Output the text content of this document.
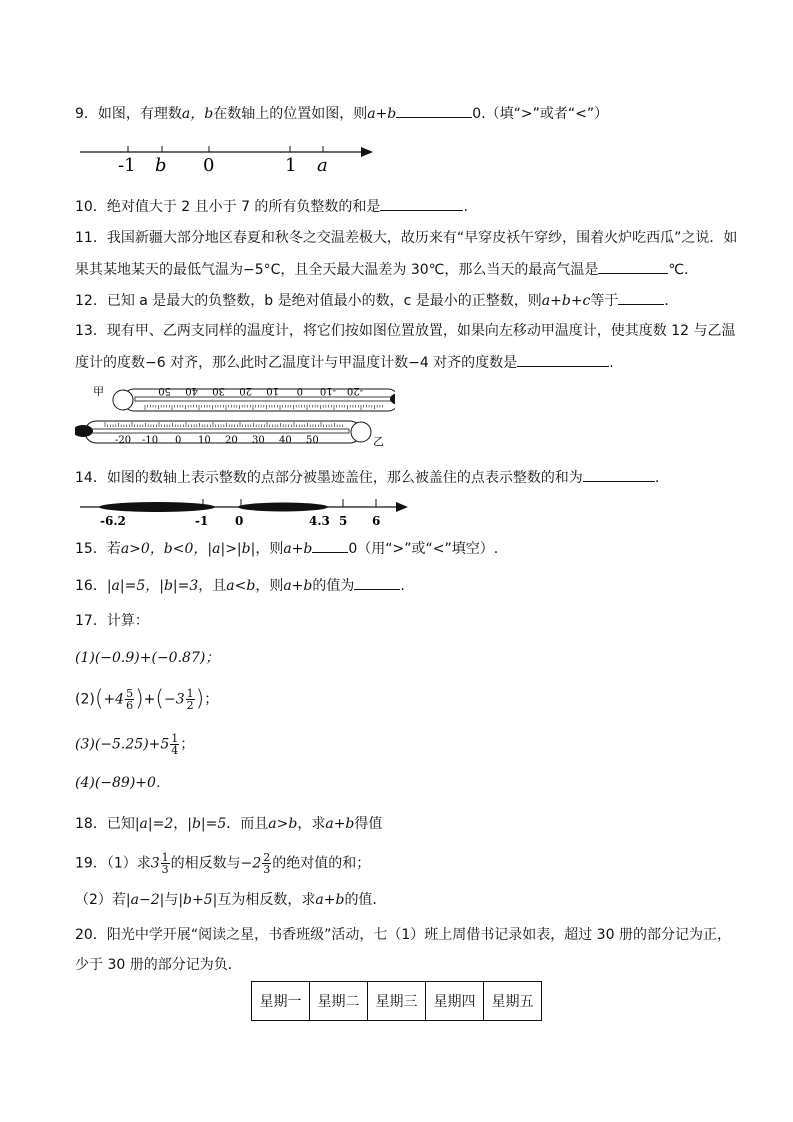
9．如图，有理数a，b在数轴上的位置如图，则a+b	0.（填“>”或者“<”）
-1 b 0	1 a
10．绝对值大于 2 且小于 7 的所有负整数的和是	.
11．我国新疆大部分地区春夏和秋冬之交温差极大，故历来有“早穿皮袄午穿纱，围着火炉吃西瓜”之说．如
果其某地某天的最低气温为−5°C，且全天最大温差为 30℃，那么当天的最高气温是	℃．
12．已知 a 是最大的负整数，b 是绝对值最小的数，c 是最小的正整数，则a+b+c等于	．
13．现有甲、乙两支同样的温度计，将它们按如图位置放置，如果向左移动甲温度计，使其度数 12 与乙温
度计的度数−6 对齐，那么此时乙温度计与甲温度计数−4 对齐的度数是	.
甲	50 40 30 20 10 0 -10 -20
乙
-20 -10 0 10 20 30 40 50
14．如图的数轴上表示整数的点部分被墨迹盖住，那么被盖住的点表示整数的和为	.
-6.2	-1 0	4.3 5 6
15．若a>0，b<0，|a|>|b|，则a+b	0（用“>”或“<”填空）.
16．|a|=5，|b|=3，且a<b，则a+b的值为	.
17．计算：
(1)(−0.9)+(−0.87)；
$(2)(+4 \frac{5}{6} )+(-3 \frac{1}{2}$ )；
$(3)(-5.25)+5 \frac{1}{4}$ ；
(4)(−89)+0．
18．已知|a|=2，|b|=5．而且a>b，求a+b得值
19．（1）求$3 \frac{1}{3}$ 的相反数与$-2 \frac{2}{3}$ 的绝对值的和；
（2）若|a−2|与|b+5|互为相反数，求a+b的值．
20．阳光中学开展“阅读之星，书香班级”活动，七（1）班上周借书记录如表，超过 30 册的部分记为正，
少于 30 册的部分记为负．
星期一	星期二	星期三	星期四	星期五
